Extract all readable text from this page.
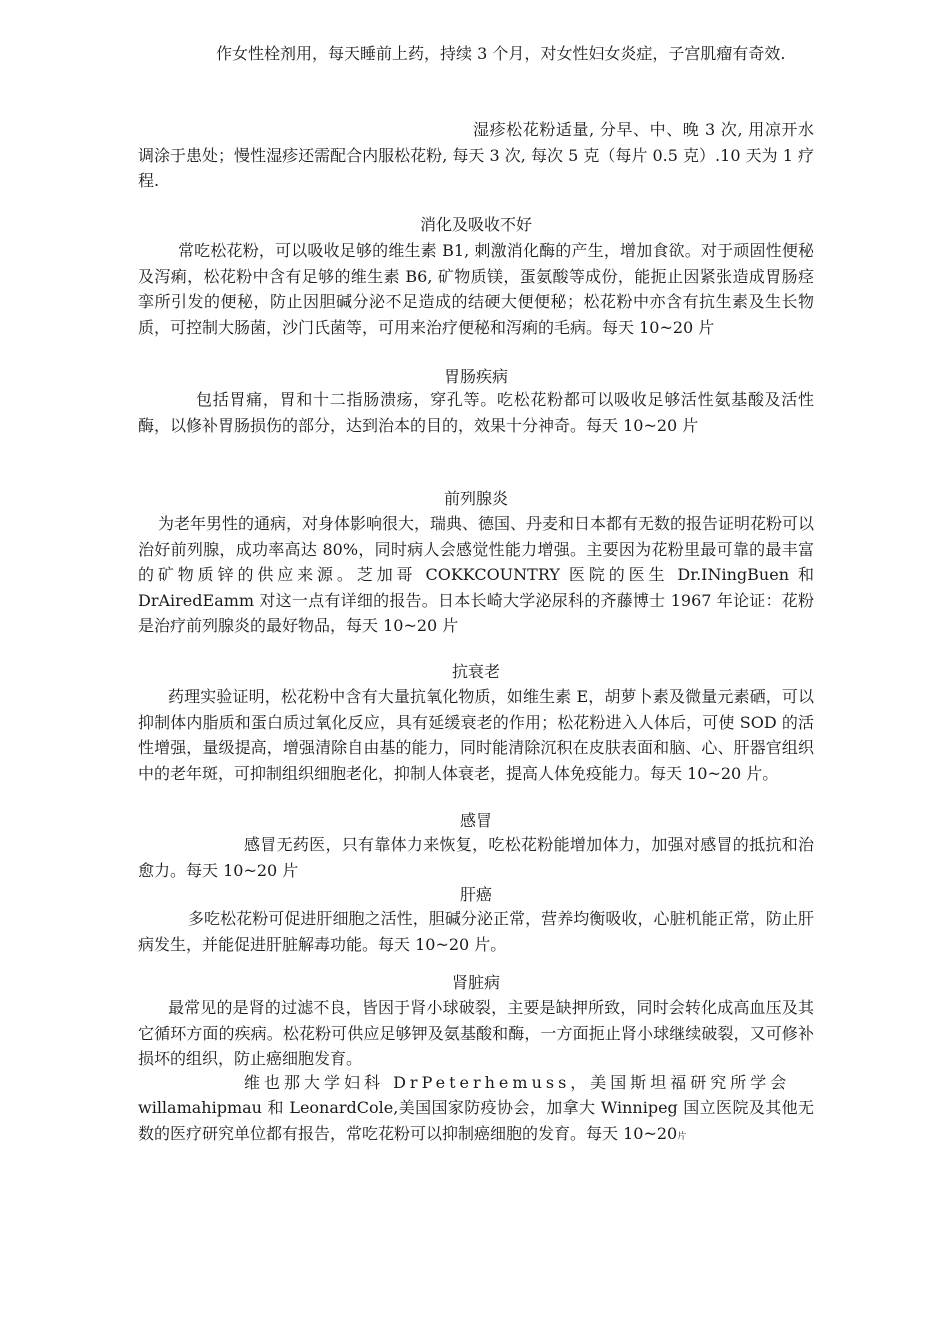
作女性栓剂用，每天睡前上药，持续 3 个月，对女性妇女炎症，子宫肌瘤有奇效.

湿疹松花粉适量, 分早、中、晚 3 次, 用凉开水调涂于患处；慢性湿疹还需配合内服松花粉, 每天 3 次, 每次 5 克（每片 0.5 克）.10 天为 1 疗程.

消化及吸收不好

常吃松花粉，可以吸收足够的维生素 B1, 刺激消化酶的产生，增加食欲。对于顽固性便秘及泻痢，松花粉中含有足够的维生素 B6, 矿物质镁，蛋氨酸等成份，能扼止因紧张造成胃肠痉挛所引发的便秘，防止因胆碱分泌不足造成的结硬大便便秘；松花粉中亦含有抗生素及生长物质，可控制大肠菌，沙门氏菌等，可用来治疗便秘和泻痢的毛病。每天 10~20 片

胃肠疾病

包括胃痛，胃和十二指肠溃疡，穿孔等。吃松花粉都可以吸收足够活性氨基酸及活性酶，以修补胃肠损伤的部分，达到治本的目的，效果十分神奇。每天 10~20 片

前列腺炎

为老年男性的通病，对身体影响很大，瑞典、德国、丹麦和日本都有无数的报告证明花粉可以治好前列腺，成功率高达 80%，同时病人会感觉性能力增强。主要因为花粉里最可靠的最丰富的矿物质锌的供应来源。芝加哥 COKKCOUNTRY 医院的医生 Dr.INingBuen 和 DrAiredEamm 对这一点有详细的报告。日本长崎大学泌尿科的齐藤博士 1967 年论证：花粉是治疗前列腺炎的最好物品，每天 10~20 片

抗衰老

药理实验证明，松花粉中含有大量抗氧化物质，如维生素 E，胡萝卜素及微量元素硒，可以抑制体内脂质和蛋白质过氧化反应，具有延缓衰老的作用；松花粉进入人体后，可使 SOD 的活性增强，量级提高，增强清除自由基的能力，同时能清除沉积在皮肤表面和脑、心、肝器官组织中的老年斑，可抑制组织细胞老化，抑制人体衰老，提高人体免疫能力。每天 10~20 片。

感冒

感冒无药医，只有靠体力来恢复，吃松花粉能增加体力，加强对感冒的抵抗和治愈力。每天 10~20 片

肝癌

多吃松花粉可促进肝细胞之活性，胆碱分泌正常，营养均衡吸收，心脏机能正常，防止肝病发生，并能促进肝脏解毒功能。每天 10~20 片。

肾脏病

最常见的是肾的过滤不良，皆因于肾小球破裂，主要是缺押所致，同时会转化成高血压及其它循环方面的疾病。松花粉可供应足够钾及氨基酸和酶，一方面扼止肾小球继续破裂，又可修补损坏的组织，防止癌细胞发育。

维也那大学妇科 DrPeterhemuss，美国斯坦福研究所学会

willamahipmau 和 LeonardCole,美国国家防疫协会，加拿大 Winnipeg 国立医院及其他无数的医疗研究单位都有报告，常吃花粉可以抑制癌细胞的发育。每天 10~20片
